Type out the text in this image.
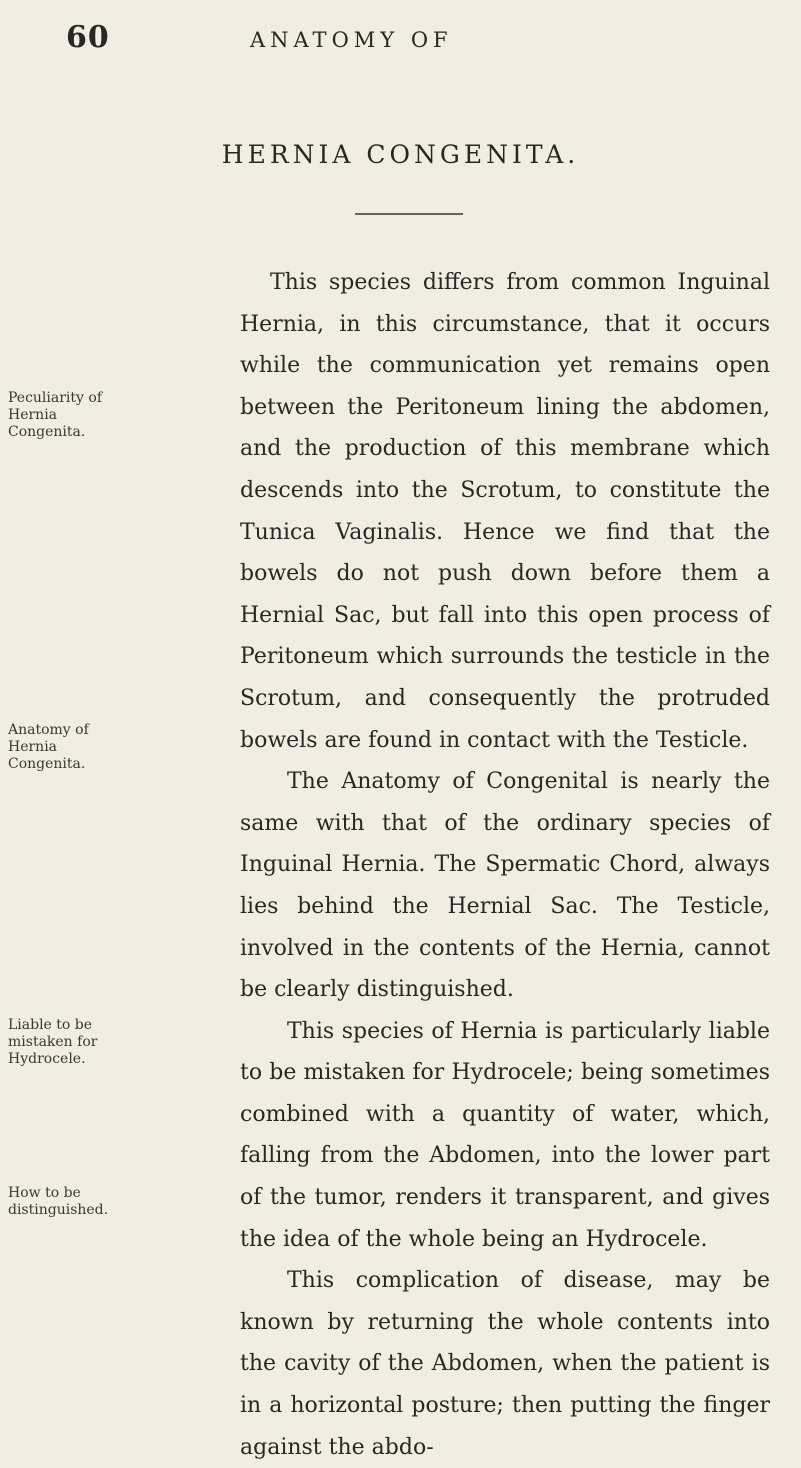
60	ANATOMY OF
HERNIA CONGENITA.

This species differs from common Inguinal Hernia, in this circumstance, that it occurs while the communication yet remains open between the Peritoneum lining the abdomen, and the production of this membrane which descends into the Scrotum, to constitute the Tunica Vaginalis. Hence we find that the bowels do not push down before them a Hernial Sac, but fall into this open process of Peritoneum which surrounds the testicle in the Scrotum, and consequently the protruded bowels are found in contact with the Testicle.

The Anatomy of Congenital is nearly the same with that of the ordinary species of Inguinal Hernia. The Spermatic Chord, always lies behind the Hernial Sac. The Testicle, involved in the contents of the Hernia, cannot be clearly distinguished.

This species of Hernia is particularly liable to be mistaken for Hydrocele; being sometimes combined with a quantity of water, which, falling from the Abdomen, into the lower part of the tumor, renders it transparent, and gives the idea of the whole being an Hydrocele.

This complication of disease, may be known by returning the whole contents into the cavity of the Abdomen, when the patient is in a horizontal posture; then putting the finger against the abdo-

Peculiarity of Hernia Congenita.
Anatomy of Hernia Congenita.
Liable to be mistaken for Hydrocele.
How to be distinguished.
